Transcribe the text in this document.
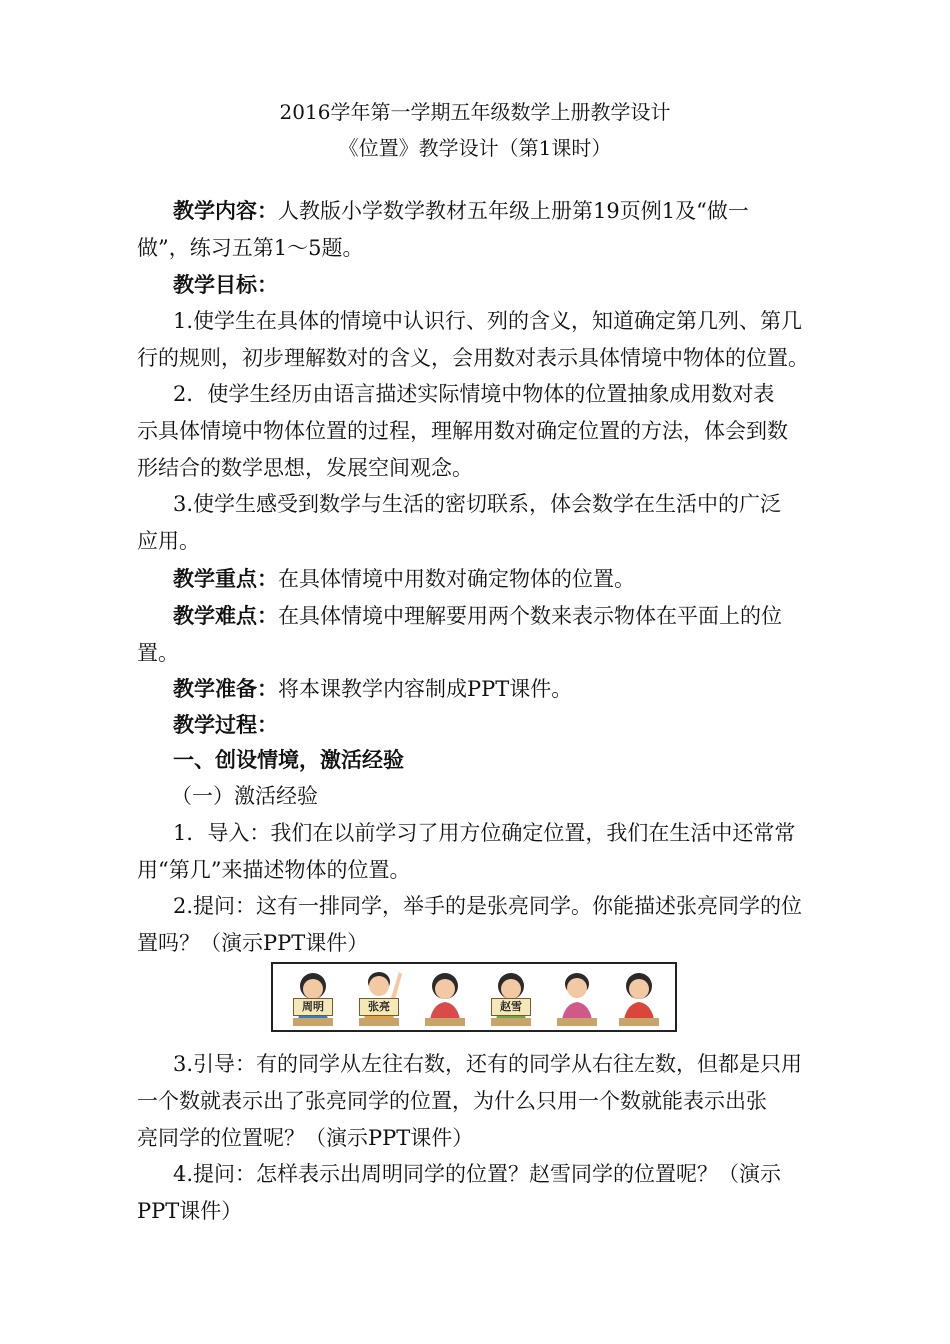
2016学年第一学期五年级数学上册教学设计
《位置》教学设计（第1课时）
教学内容：人教版小学数学教材五年级上册第19页例1及“做一
做”，练习五第1～5题。
教学目标：
1.使学生在具体的情境中认识行、列的含义，知道确定第几列、第几
行的规则，初步理解数对的含义，会用数对表示具体情境中物体的位置。
2．使学生经历由语言描述实际情境中物体的位置抽象成用数对表
示具体情境中物体位置的过程，理解用数对确定位置的方法，体会到数
形结合的数学思想，发展空间观念。
3.使学生感受到数学与生活的密切联系，体会数学在生活中的广泛
应用。
教学重点：在具体情境中用数对确定物体的位置。
教学难点：在具体情境中理解要用两个数来表示物体在平面上的位
置。
教学准备：将本课教学内容制成PPT课件。
教学过程：
一、创设情境，激活经验
（一）激活经验
1．导入：我们在以前学习了用方位确定位置，我们在生活中还常常
用“第几”来描述物体的位置。
2.提问：这有一排同学，举手的是张亮同学。你能描述张亮同学的位
置吗？（演示PPT课件）
周明	张亮	赵雪
3.引导：有的同学从左往右数，还有的同学从右往左数，但都是只用
一个数就表示出了张亮同学的位置，为什么只用一个数就能表示出张
亮同学的位置呢？（演示PPT课件）
4.提问：怎样表示出周明同学的位置？赵雪同学的位置呢？（演示
PPT课件）
